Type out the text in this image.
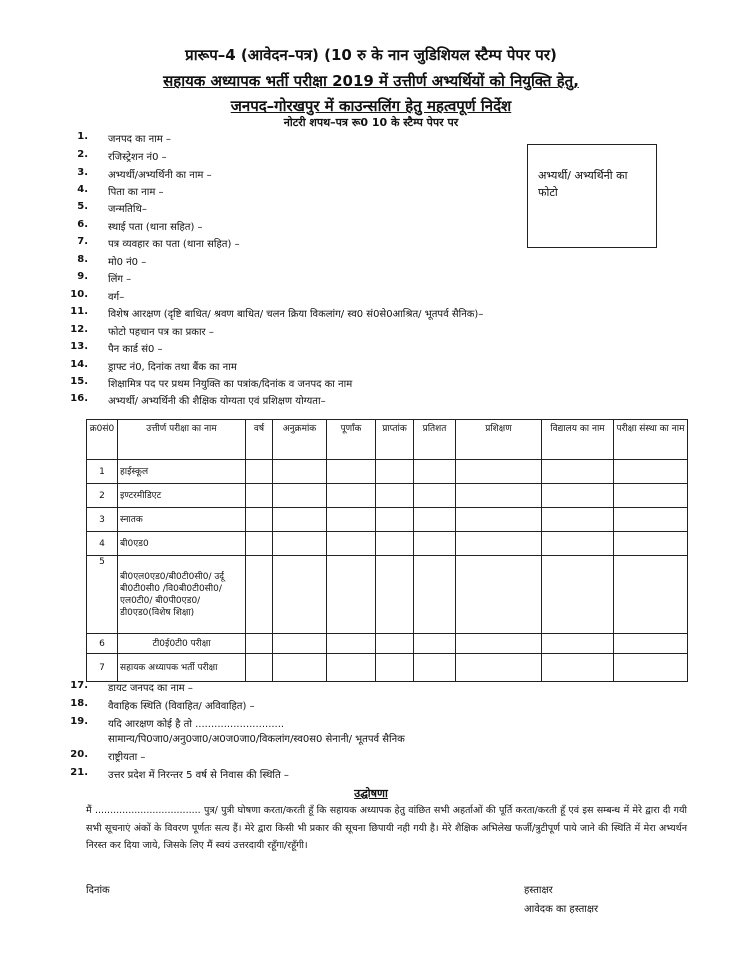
प्रारूप–4 (आवेदन–पत्र) (10 रु के नान जुडिशियल स्टैम्प पेपर पर)
सहायक अध्यापक भर्ती परीक्षा 2019 में उत्तीर्ण अभ्यर्थियों को नियुक्ति हेतु,
जनपद–गोरखपुर में काउन्सलिंग हेतु महत्वपूर्ण निर्देश
नोटरी शपथ–पत्र रू0 10 के स्टैम्प पेपर पर
अभ्यर्थी/ अभ्यर्थिनी का फोटो
1. जनपद का नाम –
2. रजिस्ट्रेशन नं0 –
3. अभ्यर्थी/अभ्यर्थिनी का नाम –
4. पिता का नाम –
5. जन्मतिथि–
6. स्थाई पता (थाना सहित) –
7. पत्र व्यवहार का पता (थाना सहित) –
8. मो0 नं0 –
9. लिंग –
10. वर्ग–
11. विशेष आरक्षण (दृष्टि बाधित/ श्रवण बाधित/ चलन क्रिया विकलांग/ स्व0 सं0से0आश्रित/ भूतपर्व सैनिक)–
12. फोटो पहचान पत्र का प्रकार –
13. पैन कार्ड सं0 –
14. ड्राफ्ट नं0, दिनांक तथा बैंक का नाम
15. शिक्षामित्र पद पर प्रथम नियुक्ति का पत्रांक/दिनांक व जनपद का नाम
16. अभ्यर्थी/ अभ्यर्थिनी की शैक्षिक योग्यता एवं प्रशिक्षण योग्यता–
क्र0सं0	उत्तीर्ण परीक्षा का नाम	वर्ष	अनुक्रमांक	पूर्णांक	प्राप्तांक	प्रतिशत	प्रशिक्षण	विद्यालय का नाम	परीक्षा संस्था का नाम
1	हाईस्कूल								
2	इण्टरमीडिएट								
3	स्नातक								
4	बी0एड0								
5	बी0एल0एड0/बी0टी0सी0/ उर्दू बी0टी0सी0 /वि0बी0टी0सी0/एल0टी0/ बी0पी0एड0/डी0एड0(विशेष शिक्षा)								
6	टी0ई0टी0 परीक्षा								
7	सहायक अध्यापक भर्ती परीक्षा								
17. डायट जनपद का नाम –
18. वैवाहिक स्थिति (विवाहित/ अविवाहित) –
19. यदि आरक्षण कोई है तो ............................
सामान्य/पि0जा0/अनु0जा0/अ0ज0जा0/विकलांग/स्व0स0 सेनानी/ भूतपर्व सैनिक
20. राष्ट्रीयता –
21. उत्तर प्रदेश में निरन्तर 5 वर्ष से निवास की स्थिति –
उद्घोषणा
मैं ................................... पुत्र/ पुत्री घोषणा करता/करती हूँ कि सहायक अध्यापक हेतु वांछित सभी अहर्ताओं की पूर्ति करता/करती हूँ एवं इस सम्बन्ध में मेरे द्वारा दी गयी सभी सूचनाएं अंकों के विवरण पूर्णतः सत्य हैं। मेरे द्वारा किसी भी प्रकार की सूचना छिपायी नही गयी है। मेरे शैक्षिक अभिलेख फर्जी/त्रुटीपूर्ण पाये जाने की स्थिति में मेरा अभ्यर्थन निरस्त कर दिया जाये, जिसके लिए मैं स्वयं उत्तरदायी रहूँगा/रहूँगी।
दिनांक	हस्ताक्षर
आवेदक का हस्ताक्षर
